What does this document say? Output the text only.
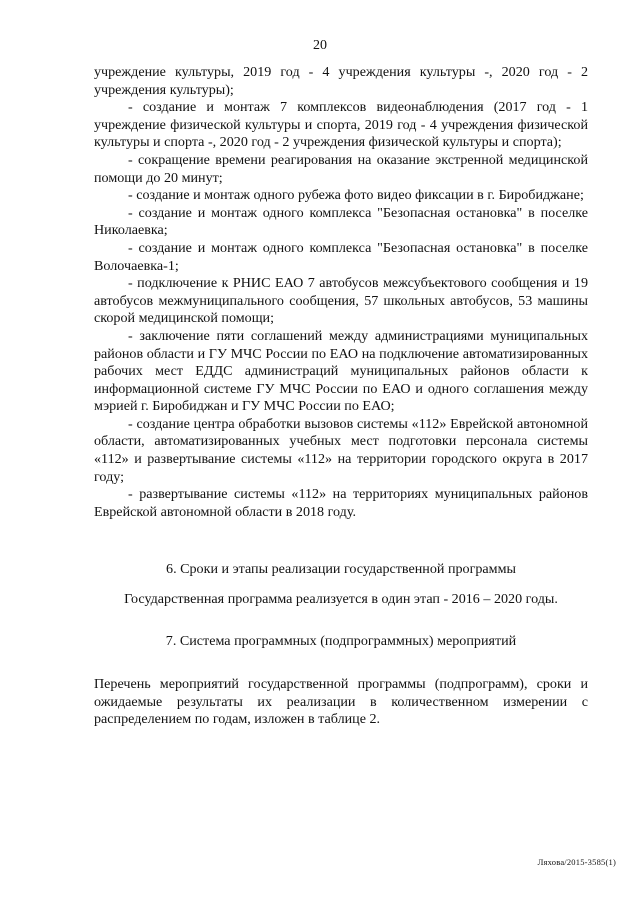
20

учреждение культуры, 2019 год - 4 учреждения культуры -, 2020 год - 2 учреждения культуры);

- создание и монтаж 7 комплексов видеонаблюдения (2017 год - 1 учреждение физической культуры и спорта, 2019 год - 4 учреждения физической культуры и спорта -, 2020 год - 2 учреждения физической культуры и спорта);

- сокращение времени реагирования на оказание экстренной медицинской помощи до 20 минут;

- создание и монтаж одного рубежа фото видео фиксации в г. Биробиджане;

- создание и монтаж одного комплекса "Безопасная остановка" в поселке Николаевка;

- создание и монтаж одного комплекса "Безопасная остановка" в поселке Волочаевка-1;

- подключение к РНИС ЕАО 7 автобусов межсубъектового сообщения и 19 автобусов межмуниципального сообщения, 57 школьных автобусов, 53 машины скорой медицинской помощи;

- заключение пяти соглашений между администрациями муниципальных районов области и ГУ МЧС России по ЕАО на подключение автоматизированных рабочих мест ЕДДС администраций муниципальных районов области к информационной системе ГУ МЧС России по ЕАО и одного соглашения между мэрией г. Биробиджан и ГУ МЧС России по ЕАО;

- создание центра обработки вызовов системы «112» Еврейской автономной области, автоматизированных учебных мест подготовки персонала системы «112» и развертывание системы «112» на территории городского округа в 2017 году;

- развертывание системы «112» на территориях муниципальных районов Еврейской автономной области в 2018 году.

6. Сроки и этапы реализации государственной программы

Государственная программа реализуется в один этап - 2016 – 2020 годы.

7. Система программных (подпрограммных) мероприятий

Перечень мероприятий государственной программы (подпрограмм), сроки и ожидаемые результаты их реализации в количественном измерении с распределением по годам, изложен в таблице 2.

Ляхова/2015-3585(1)
